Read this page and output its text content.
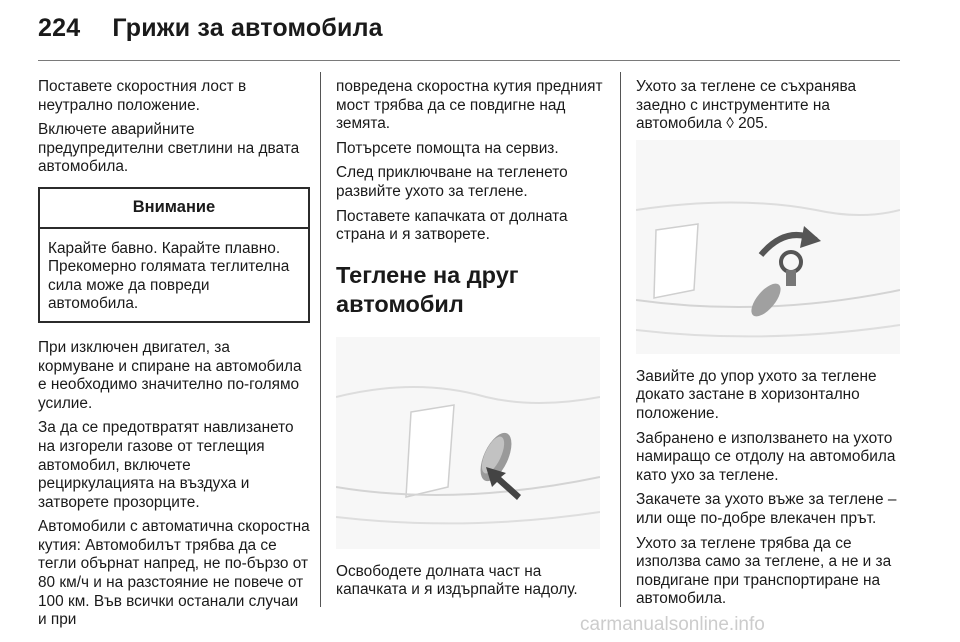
224 Грижи за автомобила

Поставете скоростния лост в неутрално положение.

Включете аварийните предупредителни светлини на двата автомобила.

Внимание
Карайте бавно. Карайте плавно. Прекомерно голямата теглителна сила може да повреди автомобила.

При изключен двигател, за кормуване и спиране на автомобила е необходимо значително по-голямо усилие.

За да се предотвратят навлизането на изгорели газове от теглещия автомобил, включете рециркулацията на въздуха и затворете прозорците.

Автомобили с автоматична скоростна кутия: Автомобилът трябва да се тегли обърнат напред, не по-бързо от 80 км/ч и на разстояние не повече от 100 км. Във всички останали случаи и при

повредена скоростна кутия предният мост трябва да се повдигне над земята.

Потърсете помощта на сервиз.

След приключване на тегленето развийте ухото за теглене.

Поставете капачката от долната страна и я затворете.

Теглене на друг автомобил

Освободете долната част на капачката и я издърпайте надолу.

Ухото за теглене се съхранява заедно с инструментите на автомобила ◊ 205.

Завийте до упор ухото за теглене докато застане в хоризонтално положение.

Забранено е използването на ухото намиращо се отдолу на автомобила като ухо за теглене.

Закачете за ухото въже за теглене – или още по-добре влекачен прът.

Ухото за теглене трябва да се използва само за теглене, а не и за повдигане при транспортиране на автомобила.

carmanualsonline.info
